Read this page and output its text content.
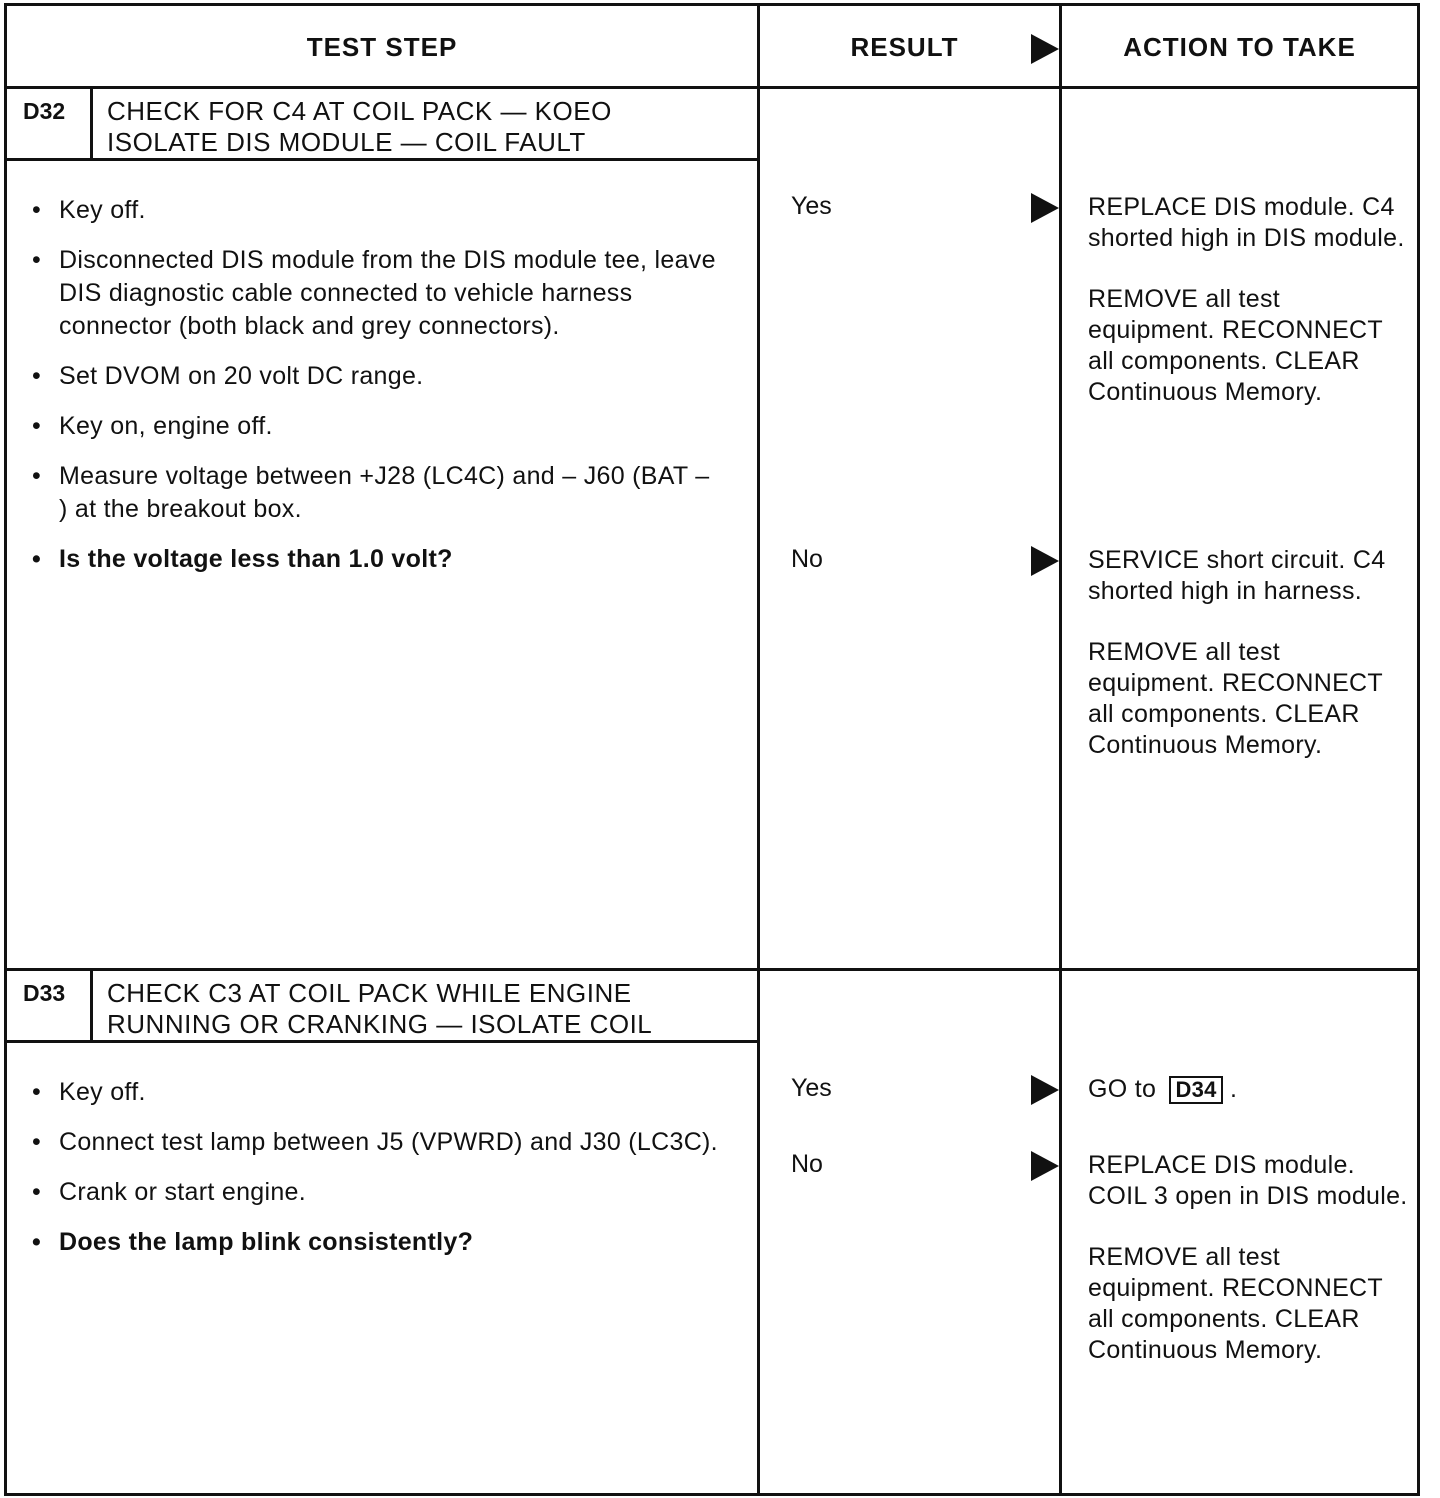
TEST STEP	RESULT	ACTION TO TAKE
D32 CHECK FOR C4 AT COIL PACK — KOEO
ISOLATE DIS MODULE — COIL FAULT
• Key off.
• Disconnected DIS module from the DIS module tee, leave DIS diagnostic cable connected to vehicle harness connector (both black and grey connectors).
• Set DVOM on 20 volt DC range.
• Key on, engine off.
• Measure voltage between +J28 (LC4C) and – J60 (BAT – ) at the breakout box.
• Is the voltage less than 1.0 volt?
Yes	REPLACE DIS module. C4 shorted high in DIS module.

REMOVE all test equipment. RECONNECT all components. CLEAR Continuous Memory.

No	SERVICE short circuit. C4 shorted high in harness.

REMOVE all test equipment. RECONNECT all components. CLEAR Continuous Memory.

D33 CHECK C3 AT COIL PACK WHILE ENGINE
RUNNING OR CRANKING — ISOLATE COIL
• Key off.
• Connect test lamp between J5 (VPWRD) and J30 (LC3C).
• Crank or start engine.
• Does the lamp blink consistently?
Yes	GO to D34 .
No	REPLACE DIS module. COIL 3 open in DIS module.

REMOVE all test equipment. RECONNECT all components. CLEAR Continuous Memory.
